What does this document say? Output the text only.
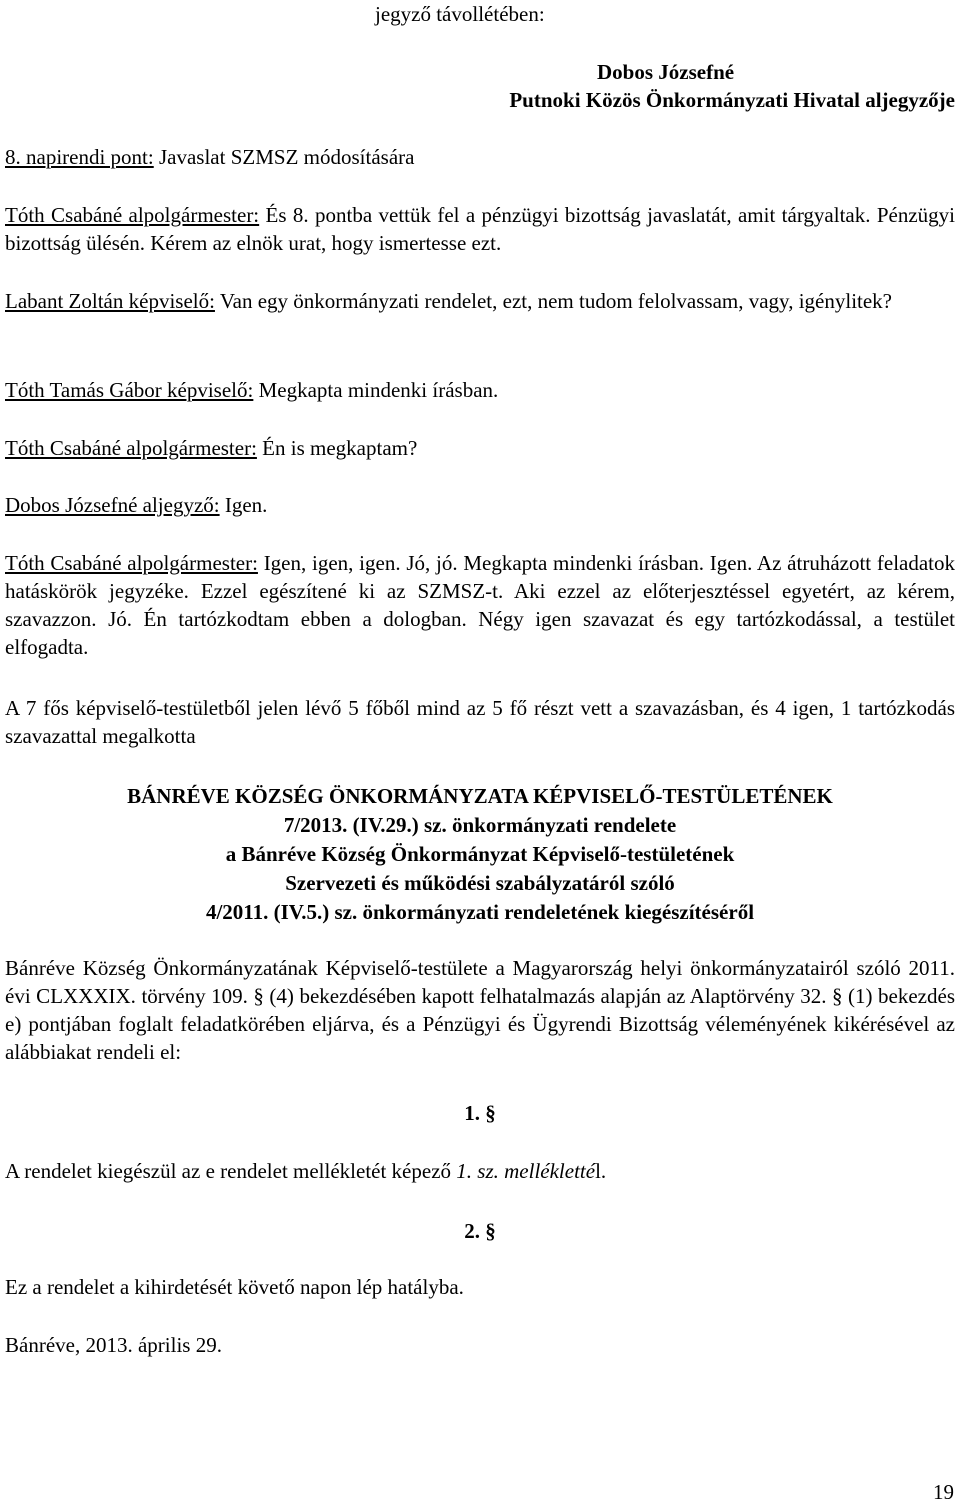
jegyző távollétében:
Dobos Józsefné
Putnoki Közös Önkormányzati Hivatal aljegyzője
8. napirendi pont: Javaslat SZMSZ módosítására
Tóth Csabáné alpolgármester: És 8. pontba vettük fel a pénzügyi bizottság javaslatát, amit tárgyaltak. Pénzügyi bizottság ülésén. Kérem az elnök urat, hogy ismertesse ezt.
Labant Zoltán képviselő: Van egy önkormányzati rendelet, ezt, nem tudom felolvassam, vagy, igénylitek?
Tóth Tamás Gábor képviselő: Megkapta mindenki írásban.
Tóth Csabáné alpolgármester: Én is megkaptam?
Dobos Józsefné aljegyző: Igen.
Tóth Csabáné alpolgármester: Igen, igen, igen. Jó, jó. Megkapta mindenki írásban. Igen. Az átruházott feladatok hatáskörök jegyzéke. Ezzel egészítené ki az SZMSZ-t. Aki ezzel az előterjesztéssel egyetért, az kérem, szavazzon. Jó. Én tartózkodtam ebben a dologban. Négy igen szavazat és egy tartózkodással, a testület elfogadta.
A 7 fős képviselő-testületből jelen lévő 5 főből mind az 5 fő részt vett a szavazásban, és 4 igen, 1 tartózkodás szavazattal megalkotta
BÁNRÉVE KÖZSÉG ÖNKORMÁNYZATA KÉPVISELŐ-TESTÜLETÉNEK
7/2013. (IV.29.) sz. önkormányzati rendelete
a Bánréve Község Önkormányzat Képviselő-testületének
Szervezeti és működési szabályzatáról szóló
4/2011. (IV.5.) sz. önkormányzati rendeletének kiegészítéséről
Bánréve Község Önkormányzatának Képviselő-testülete a Magyarország helyi önkormányzatairól szóló 2011. évi CLXXXIX. törvény 109. § (4) bekezdésében kapott felhatalmazás alapján az Alaptörvény 32. § (1) bekezdés e) pontjában foglalt feladatkörében eljárva, és a Pénzügyi és Ügyrendi Bizottság véleményének kikérésével az alábbiakat rendeli el:
1. §
A rendelet kiegészül az e rendelet mellékletét képező 1. sz. melléklettél.
2. §
Ez a rendelet a kihirdetését követő napon lép hatályba.
Bánréve, 2013. április 29.
19
